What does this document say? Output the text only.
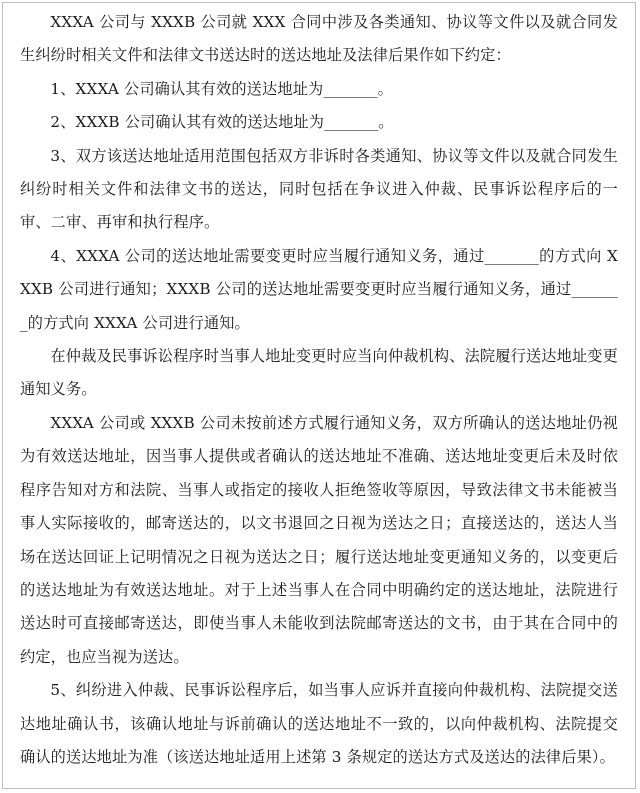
XXXA 公司与 XXXB 公司就 XXX 合同中涉及各类通知、协议等文件以及就合同发生纠纷时相关文件和法律文书送达时的送达地址及法律后果作如下约定：

1、XXXA 公司确认其有效的送达地址为_______。

2、XXXB 公司确认其有效的送达地址为_______。

3、双方该送达地址适用范围包括双方非诉时各类通知、协议等文件以及就合同发生纠纷时相关文件和法律文书的送达，同时包括在争议进入仲裁、民事诉讼程序后的一审、二审、再审和执行程序。

4、XXXA 公司的送达地址需要变更时应当履行通知义务，通过_______的方式向 XXXB 公司进行通知；XXXB 公司的送达地址需要变更时应当履行通知义务，通过_______的方式向 XXXA 公司进行通知。

在仲裁及民事诉讼程序时当事人地址变更时应当向仲裁机构、法院履行送达地址变更通知义务。

XXXA 公司或 XXXB 公司未按前述方式履行通知义务，双方所确认的送达地址仍视为有效送达地址，因当事人提供或者确认的送达地址不准确、送达地址变更后未及时依程序告知对方和法院、当事人或指定的接收人拒绝签收等原因，导致法律文书未能被当事人实际接收的，邮寄送达的，以文书退回之日视为送达之日；直接送达的，送达人当场在送达回证上记明情况之日视为送达之日；履行送达地址变更通知义务的，以变更后的送达地址为有效送达地址。对于上述当事人在合同中明确约定的送达地址，法院进行送达时可直接邮寄送达，即使当事人未能收到法院邮寄送达的文书，由于其在合同中的约定，也应当视为送达。

5、纠纷进入仲裁、民事诉讼程序后，如当事人应诉并直接向仲裁机构、法院提交送达地址确认书，该确认地址与诉前确认的送达地址不一致的，以向仲裁机构、法院提交确认的送达地址为准（该送达地址适用上述第 3 条规定的送达方式及送达的法律后果）。
